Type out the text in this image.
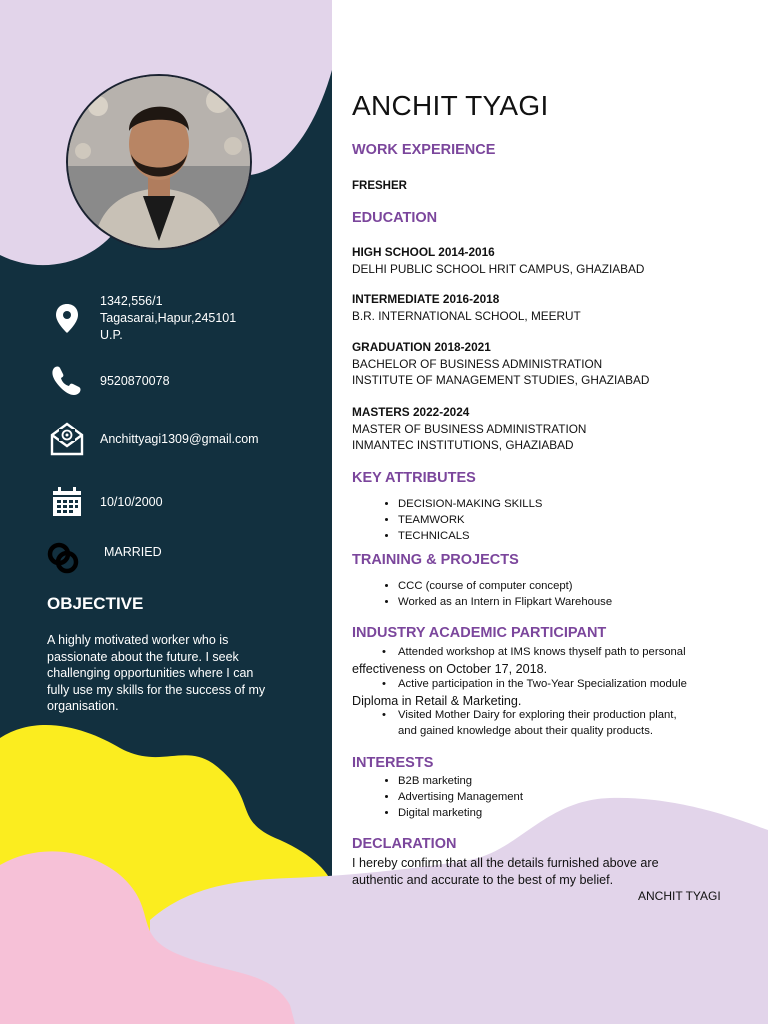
1342,556/1
Tagasarai,Hapur,245101
U.P.
9520870078
Anchittyagi1309@gmail.com
10/10/2000
MARRIED
OBJECTIVE
A highly motivated worker who is passionate about the future. I seek challenging opportunities where I can fully use my skills for the success of my organisation.
ANCHIT TYAGI
WORK EXPERIENCE
FRESHER
EDUCATION
HIGH SCHOOL 2014-2016
DELHI PUBLIC SCHOOL HRIT CAMPUS, GHAZIABAD
INTERMEDIATE 2016-2018
B.R. INTERNATIONAL SCHOOL, MEERUT
GRADUATION 2018-2021
BACHELOR OF BUSINESS ADMINISTRATION
INSTITUTE OF MANAGEMENT STUDIES, GHAZIABAD
MASTERS 2022-2024
MASTER OF BUSINESS ADMINISTRATION
INMANTEC INSTITUTIONS, GHAZIABAD
KEY ATTRIBUTES
• DECISION-MAKING SKILLS
• TEAMWORK
• TECHNICALS
TRAINING & PROJECTS
• CCC (course of computer concept)
• Worked as an Intern in Flipkart Warehouse
INDUSTRY ACADEMIC PARTICIPANT
• Attended workshop at IMS knows thyself path to personal
effectiveness on October 17, 2018.
• Active participation in the Two-Year Specialization module
Diploma in Retail & Marketing.
• Visited Mother Dairy for exploring their production plant,
and gained knowledge about their quality products.
INTERESTS
• B2B marketing
• Advertising Management
• Digital marketing
DECLARATION
I hereby confirm that all the details furnished above are authentic and accurate to the best of my belief.
ANCHIT TYAGI
